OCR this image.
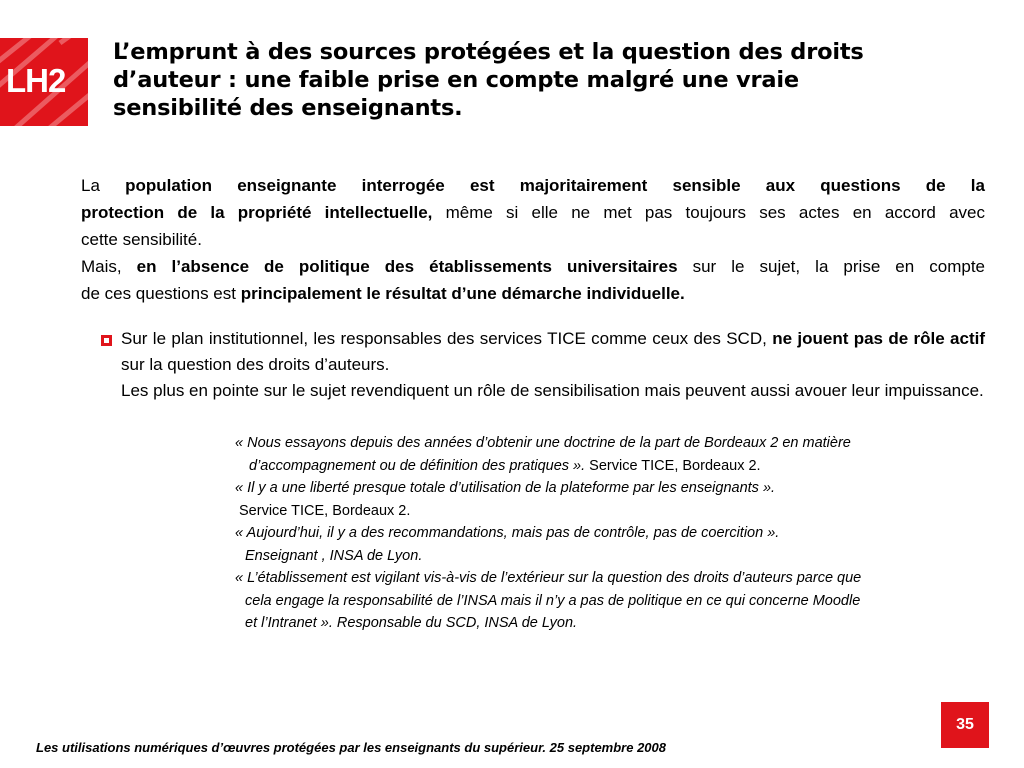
LH2
L’emprunt à des sources protégées et la question des droits
d’auteur : une faible prise en compte malgré une vraie
sensibilité des enseignants.
La population enseignante interrogée est majoritairement sensible aux questions de la
protection de la propriété intellectuelle, même si elle ne met pas toujours ses actes en accord avec
cette sensibilité.
Mais, en l’absence de politique des établissements universitaires sur le sujet, la prise en compte
de ces questions est principalement le résultat d’une démarche individuelle.

Sur le plan institutionnel, les responsables des services TICE comme ceux des SCD, ne jouent pas de rôle actif sur la question des droits d’auteurs.

Les plus en pointe sur le sujet revendiquent un rôle de sensibilisation mais peuvent aussi avouer leur impuissance.

« Nous essayons depuis des années d’obtenir une doctrine de la part de Bordeaux 2 en matière
d’accompagnement ou de définition des pratiques ». Service TICE, Bordeaux 2.
« Il y a une liberté presque totale d’utilisation de la plateforme par les enseignants ».
Service TICE, Bordeaux 2.
« Aujourd’hui, il y a des recommandations, mais pas de contrôle, pas de coercition ».
Enseignant , INSA de Lyon.
« L’établissement est vigilant vis-à-vis de l’extérieur sur la question des droits d’auteurs parce que
cela engage la responsabilité de l’INSA mais il n’y a pas de politique en ce qui concerne Moodle
et l’Intranet ». Responsable du SCD, INSA de Lyon.
Les utilisations numériques d’œuvres protégées par les enseignants du supérieur. 25 septembre 2008
35
